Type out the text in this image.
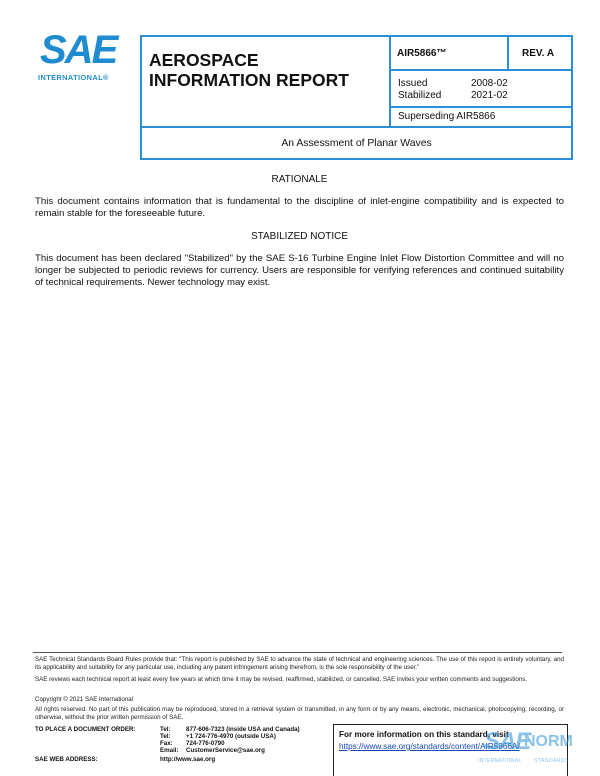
SAE
INTERNATIONAL®
AEROSPACE
INFORMATION REPORT
AIR5866™	REV. A
Issued	2008-02
Stabilized	2021-02
Superseding AIR5866
An Assessment of Planar Waves
RATIONALE
This document contains information that is fundamental to the discipline of inlet-engine compatibility and is expected to remain stable for the foreseeable future.
STABILIZED NOTICE
This document has been declared "Stabilized" by the SAE S-16 Turbine Engine Inlet Flow Distortion Committee and will no longer be subjected to periodic reviews for currency. Users are responsible for verifying references and continued suitability of technical requirements. Newer technology may exist.
SAE Technical Standards Board Rules provide that: "This report is published by SAE to advance the state of technical and engineering sciences. The use of this report is entirely voluntary, and its applicability and suitability for any particular use, including any patent infringement arising therefrom, is the sole responsibility of the user."
SAE reviews each technical report at least every five years at which time it may be revised, reaffirmed, stabilized, or cancelled. SAE invites your written comments and suggestions.
Copyright © 2021 SAE International
All rights reserved. No part of this publication may be reproduced, stored in a retrieval system or transmitted, in any form or by any means, electronic, mechanical, photocopying, recording, or otherwise, without the prior written permission of SAE.
TO PLACE A DOCUMENT ORDER:	Tel: 877-606-7323 (inside USA and Canada)
Tel: +1 724-776-4970 (outside USA)
Fax: 724-776-0790
Email: CustomerService@sae.org
SAE WEB ADDRESS:	http://www.sae.org
For more information on this standard, visit
https://www.sae.org/standards/content/AIR5866A/
SAE
NORM
INTERNATIONAL STANDARDS
